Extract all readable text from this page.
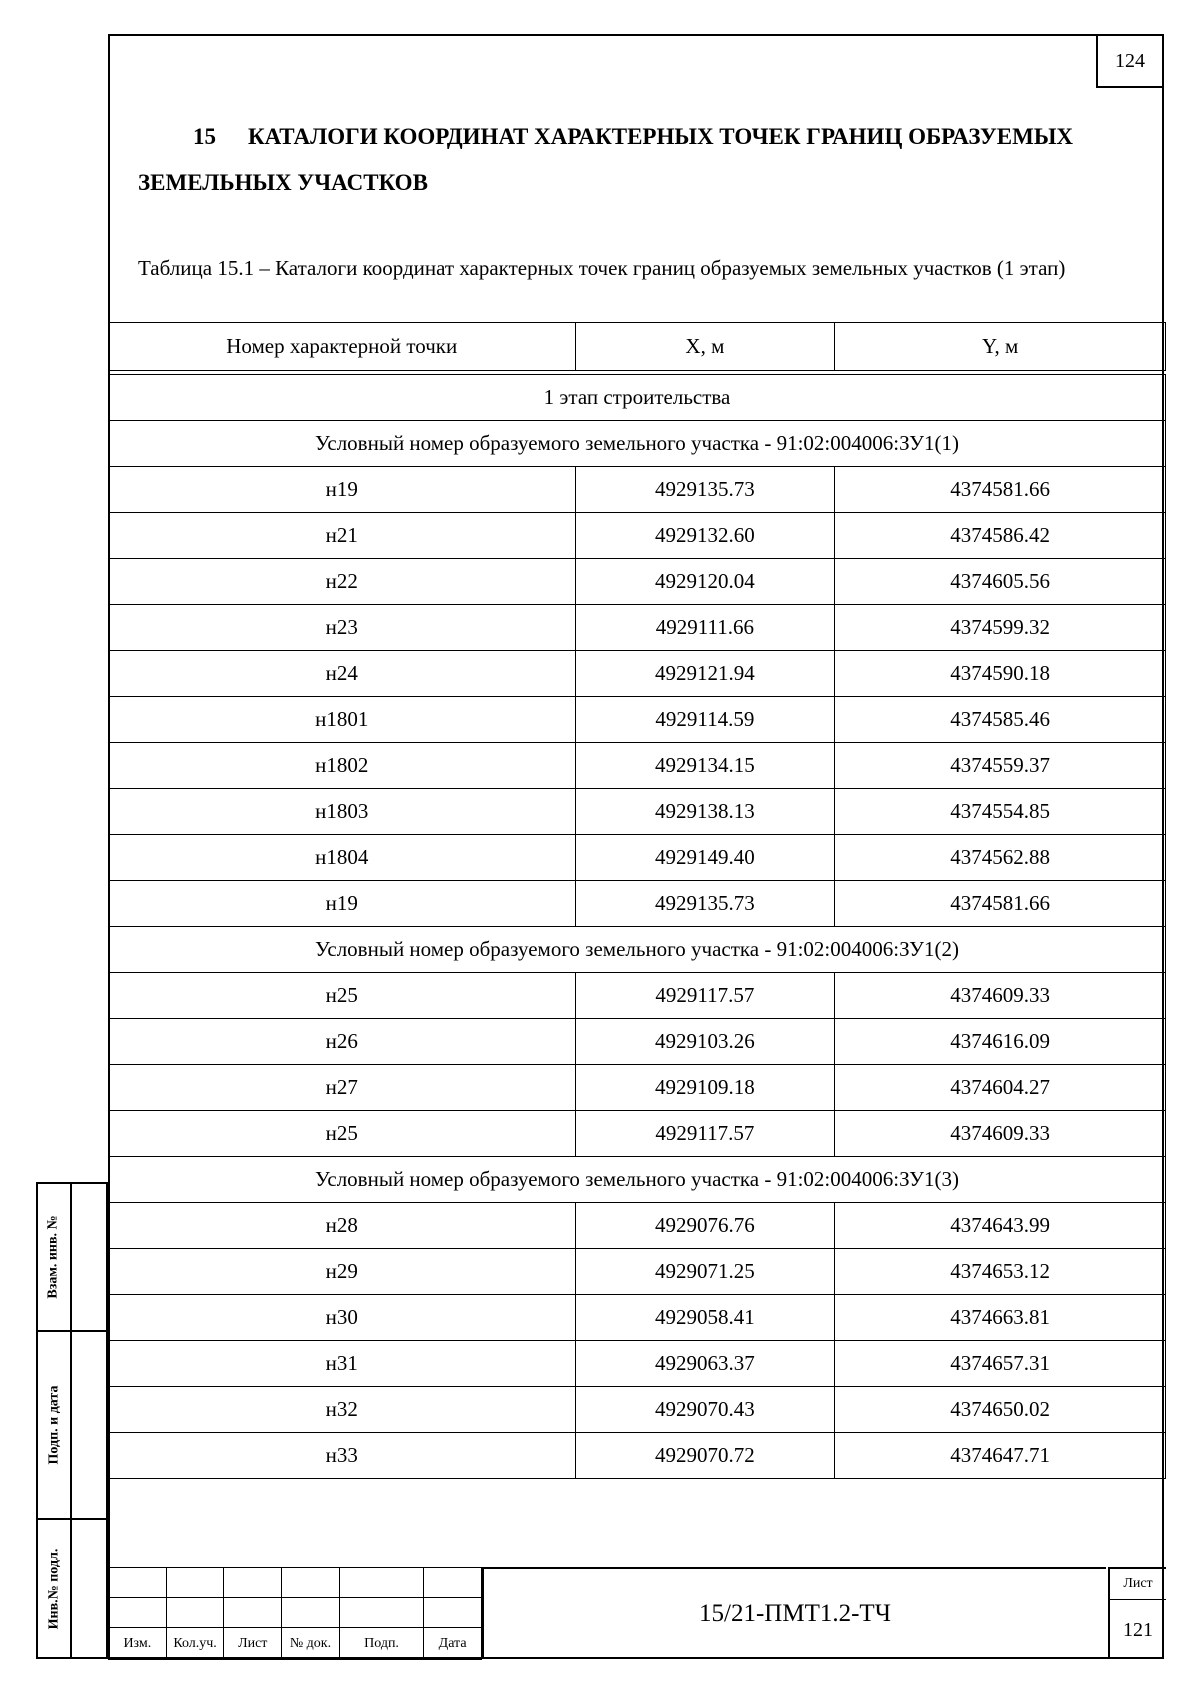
124
15 КАТАЛОГИ КООРДИНАТ ХАРАКТЕРНЫХ ТОЧЕК ГРАНИЦ ОБРАЗУЕМЫХ ЗЕМЕЛЬНЫХ УЧАСТКОВ
Таблица 15.1 – Каталоги координат характерных точек границ образуемых земельных участков (1 этап)
Номер характерной точки	X, м	Y, м

1 этап строительства		
Условный номер образуемого земельного участка - 91:02:004006:ЗУ1(1)		
н19	4929135.73	4374581.66
н21	4929132.60	4374586.42
н22	4929120.04	4374605.56
н23	4929111.66	4374599.32
н24	4929121.94	4374590.18
н1801	4929114.59	4374585.46
н1802	4929134.15	4374559.37
н1803	4929138.13	4374554.85
н1804	4929149.40	4374562.88
н19	4929135.73	4374581.66
Условный номер образуемого земельного участка - 91:02:004006:ЗУ1(2)		
н25	4929117.57	4374609.33
н26	4929103.26	4374616.09
н27	4929109.18	4374604.27
н25	4929117.57	4374609.33
Условный номер образуемого земельного участка - 91:02:004006:ЗУ1(3)		
н28	4929076.76	4374643.99
н29	4929071.25	4374653.12
н30	4929058.41	4374663.81
н31	4929063.37	4374657.31
н32	4929070.43	4374650.02
н33	4929070.72	4374647.71

Изм.	Кол.уч.	Лист	№ док.	Подп.	Дата
15/21-ПМТ1.2-ТЧ
Лист
121
Взам. инв. №
Подп. и дата
Инв.№ подл.
